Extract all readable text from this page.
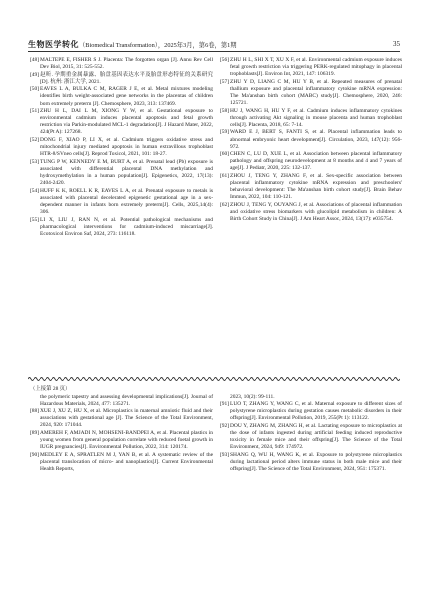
生物医学转化（Biomedical Transformation），2025年3月，第6卷，第1期	35

[48]MALTEPE E, FISHER S J. Placenta: The forgotten organ [J]. Annu Rev Cell Dev Biol, 2015, 31: 525-552.

[49]赵昕. 孕期重金属暴露、胎盘基因表达水平及胎盘形态特征的关系研究[D]. 杭州: 浙江大学, 2021.

[50]EAVES L A, BULKA C M, RAGER J E, et al. Metal mixtures modeling identifies birth weight-associated gene networks in the placentas of children born extremely preterm [J]. Chemosphere, 2023, 313: 137469.

[51]ZHU H L, DAI L M, XIONG Y W, et al. Gestational exposure to environmental cadmium induces placental apoptosis and fetal growth restriction via Parkin-modulated MCL-1 degradation[J]. J Hazard Mater, 2022, 424(Pt A): 127268.

[52]DONG F, XIAO P, LI X, et al. Cadmium triggers oxidative stress and mitochondrial injury mediated apoptosis in human extravillous trophoblast HTR-8/SVneo cells[J]. Reprod Toxicol, 2021, 101: 18-27.

[53]TUNG P W, KENNEDY E M, BURT A, et al. Prenatal lead (Pb) exposure is associated with differential placental DNA methylation and hydroxymethylation in a human population[J]. Epigenetics, 2022, 17(13): 2404-2420.

[54]HUFF K K, ROELL K R, EAVES L A, et al. Prenatal exposure to metals is associated with placental decelerated epigenetic gestational age in a sex-dependent manner in infants born extremely preterm[J]. Cells, 2025,14(4): 306.

[55]LI X, LIU J, RAN N, et al. Potential pathological mechanisms and pharmacological interventions for cadmium-induced miscarriage[J]. Ecotoxicol Environ Saf, 2024, 273: 116118.

[56]ZHU H L, SHI X T, XU X F, et al. Environmental cadmium exposure induces fetal growth restriction via triggering PERK-regulated mitophagy in placental trophoblasts[J]. Environ Int, 2021, 147: 106319.

[57]ZHU Y D, LIANG C M, HU Y B, et al. Repeated measures of prenatal thallium exposure and placental inflammatory cytokine mRNA expression: The Ma'anshan birth cohort (MABC) study[J]. Chemosphere, 2020, 246: 125721.

[58]HU J, WANG H, HU Y F, et al. Cadmium induces inflammatory cytokines through activating Akt signaling in mouse placenta and human trophoblast cells[J]. Placenta, 2018, 65: 7-14.

[59]WARD E J, BERT S, FANTI S, et al. Placental inflammation leads to abnormal embryonic heart development[J]. Circulation, 2023, 147(12): 956-972.

[60]CHEN C, LU D, XUE L, et al. Association between placental inflammatory pathology and offspring neurodevelopment at 8 months and 4 and 7 years of age[J]. J Pediatr, 2020, 225: 132-137.

[61]ZHOU J, TENG Y, ZHANG F, et al. Sex-specific association between placental inflammatory cytokine mRNA expression and preschoolers' behavioral development: The Ma'anshan birth cohort study[J]. Brain Behav Immun, 2022, 104: 110-121.

[62]ZHOU J, TENG Y, OUYANG J, et al. Associations of placental inflammation and oxidative stress biomarkers with glucolipid metabolism in children: A Birth Cohort Study in China[J]. J Am Heart Assoc, 2024, 13(17): e035754.

（上接第 28 页）

the polymeric tapestry and assessing developmental implications[J]. Journal of Hazardous Materials, 2024, 477: 135271.

[88]XUE J, XU Z, HU X, et al. Microplastics in maternal amniotic fluid and their associations with gestational age [J]. The Science of the Total Environment, 2024, 920: 171044.

[89]AMEREH F, AMJADI N, MOHSENI-BANDPEI A, et al. Placental plastics in young women from general population correlate with reduced foetal growth in IUGR pregnancies[J]. Environmental Pollution, 2022, 314: 120174.

[90]MEDLEY E A, SPRATLEN M J, YAN B, et al. A systematic review of the placental translocation of micro- and nanoplastics[J]. Current Environmental Health Reports,

2023, 10(2): 99-111.

[91]LUO T, ZHANG Y, WANG C, et al. Maternal exposure to different sizes of polystyrene microplastics during gestation causes metabolic disorders in their offspring[J]. Environmental Pollution, 2019, 255(Pt 1): 113122.

[92]DOU Y, ZHANG M, ZHANG H, et al. Lactating exposure to microplastics at the dose of infants ingested during artificial feeding induced reproductive toxicity in female mice and their offspring[J]. The Science of the Total Environment, 2024, 949: 174972.

[93]SHANG Q, WU H, WANG K, et al. Exposure to polystyrene microplastics during lactational period alters immune status in both male mice and their offspring[J]. The Science of the Total Environment, 2024, 951: 175371.
